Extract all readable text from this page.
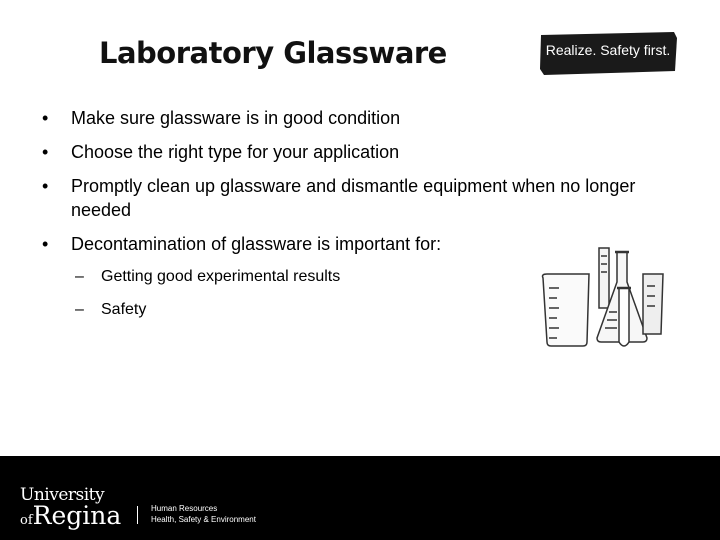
Laboratory Glassware	Realize. Safety first.
• Make sure glassware is in good condition
• Choose the right type for your application
• Promptly clean up glassware and dismantle equipment when no longer needed
• Decontamination of glassware is important for:
– Getting good experimental results
– Safety
University
ofRegina	Human Resources
Health, Safety & Environment
